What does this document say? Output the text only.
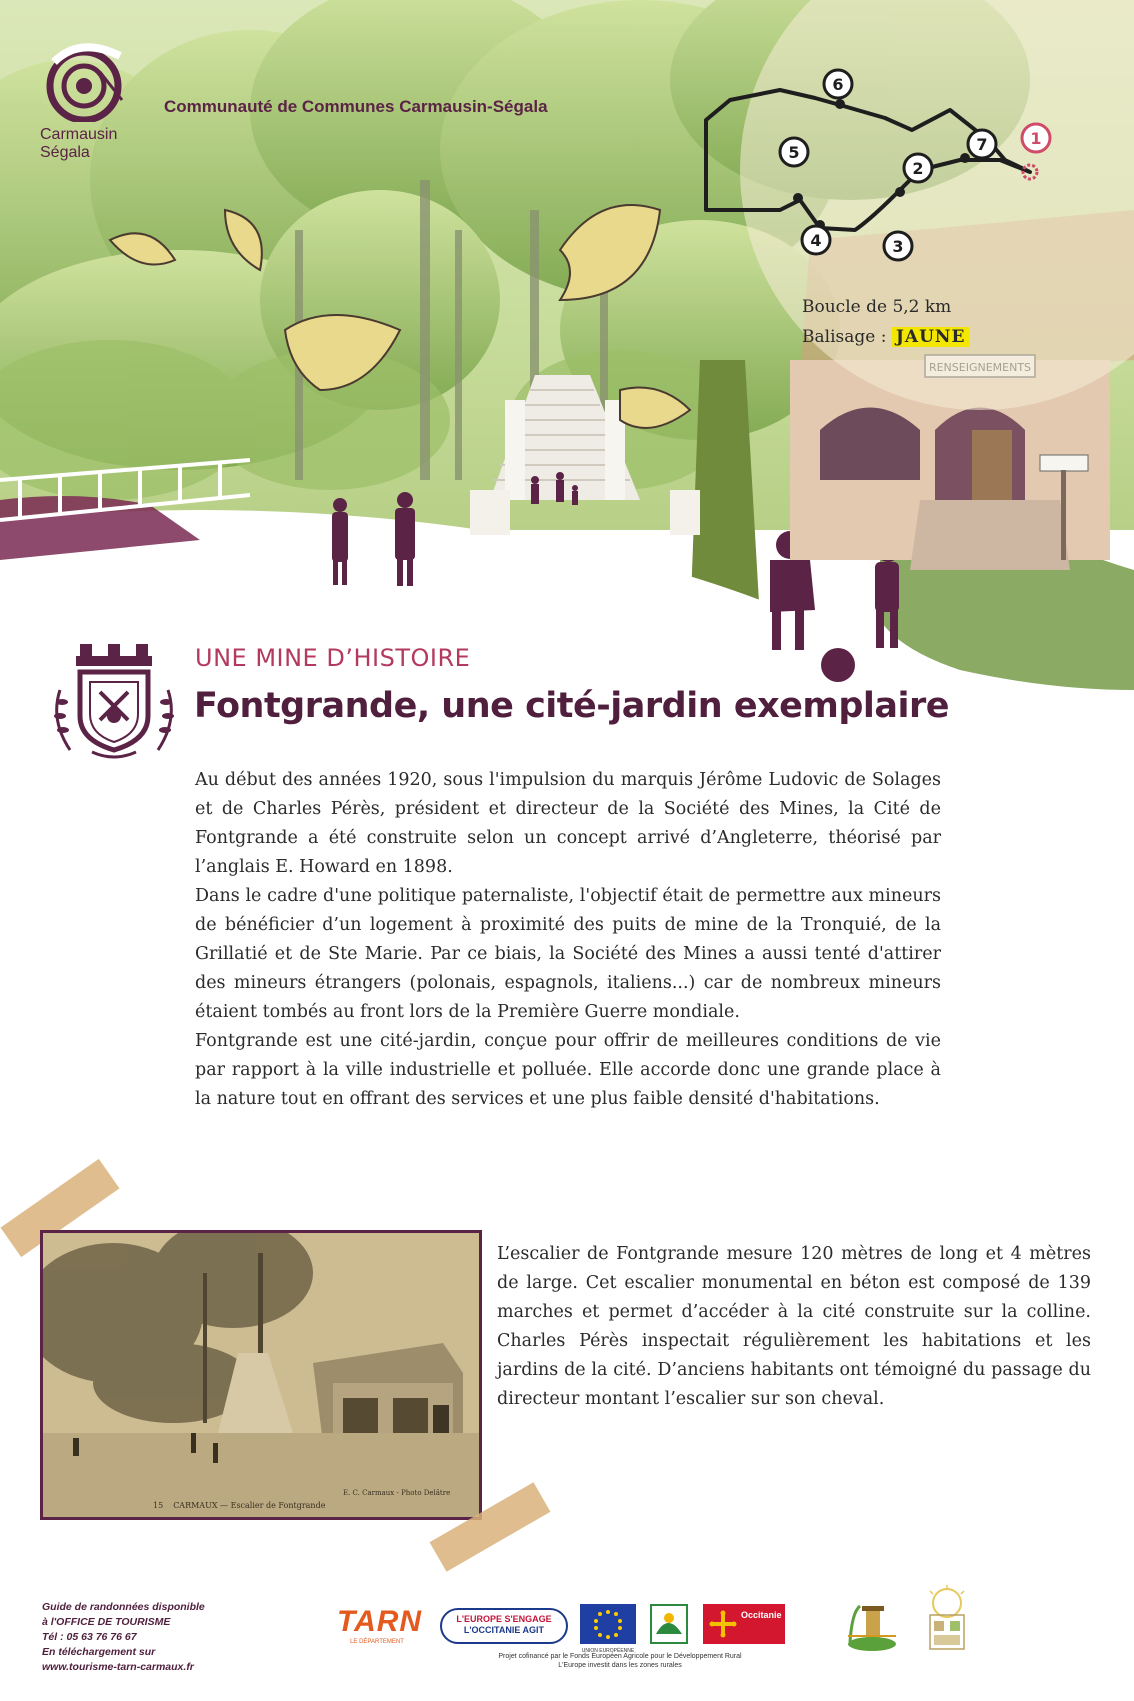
Carmausin
Ségala
Communauté de Communes Carmausin-Ségala
1
2
3
4
5
6
7
Boucle de 5,2 km
Balisage : JAUNE
UNE MINE D’HISTOIRE
Fontgrande, une cité-jardin exemplaire

Au début des années 1920, sous l'impulsion du marquis Jérôme Ludovic de Solages et de Charles Pérès, président et directeur de la Société des Mines, la Cité de Fontgrande a été construite selon un concept arrivé d’Angleterre, théorisé par l’anglais E. Howard en 1898.

Dans le cadre d'une politique paternaliste, l'objectif était de permettre aux mineurs de bénéficier d’un logement à proximité des puits de mine de la Tronquié, de la Grillatié et de Ste Marie. Par ce biais, la Société des Mines a aussi tenté d'attirer des mineurs étrangers (polonais, espagnols, italiens...) car de nombreux mineurs étaient tombés au front lors de la Première Guerre mondiale.

Fontgrande est une cité-jardin, conçue pour offrir de meilleures conditions de vie par rapport à la ville industrielle et polluée. Elle accorde donc une grande place à la nature tout en offrant des services et une plus faible densité d'habitations.

15 CARMAUX — Escalier de Fontgrande
E. C. Carmaux - Photo Delâtre
L’escalier de Fontgrande mesure 120 mètres de long et 4 mètres de large. Cet escalier monumental en béton est composé de 139 marches et permet d’accéder à la cité construite sur la colline. Charles Pérès inspectait régulièrement les habitations et les jardins de la cité. D’anciens habitants ont témoigné du passage du directeur montant l’escalier sur son cheval.
Guide de randonnées disponible
à l'OFFICE DE TOURISME
Tél : 05 63 76 76 67
En téléchargement sur
www.tourisme-tarn-carmaux.fr
TARN
LE DÉPARTEMENT
L'EUROPE S'ENGAGE
L'OCCITANIE AGIT
UNION EUROPÉENNE
Occitanie
Projet cofinancé par le Fonds Européen Agricole pour le Développement Rural
L'Europe investit dans les zones rurales
